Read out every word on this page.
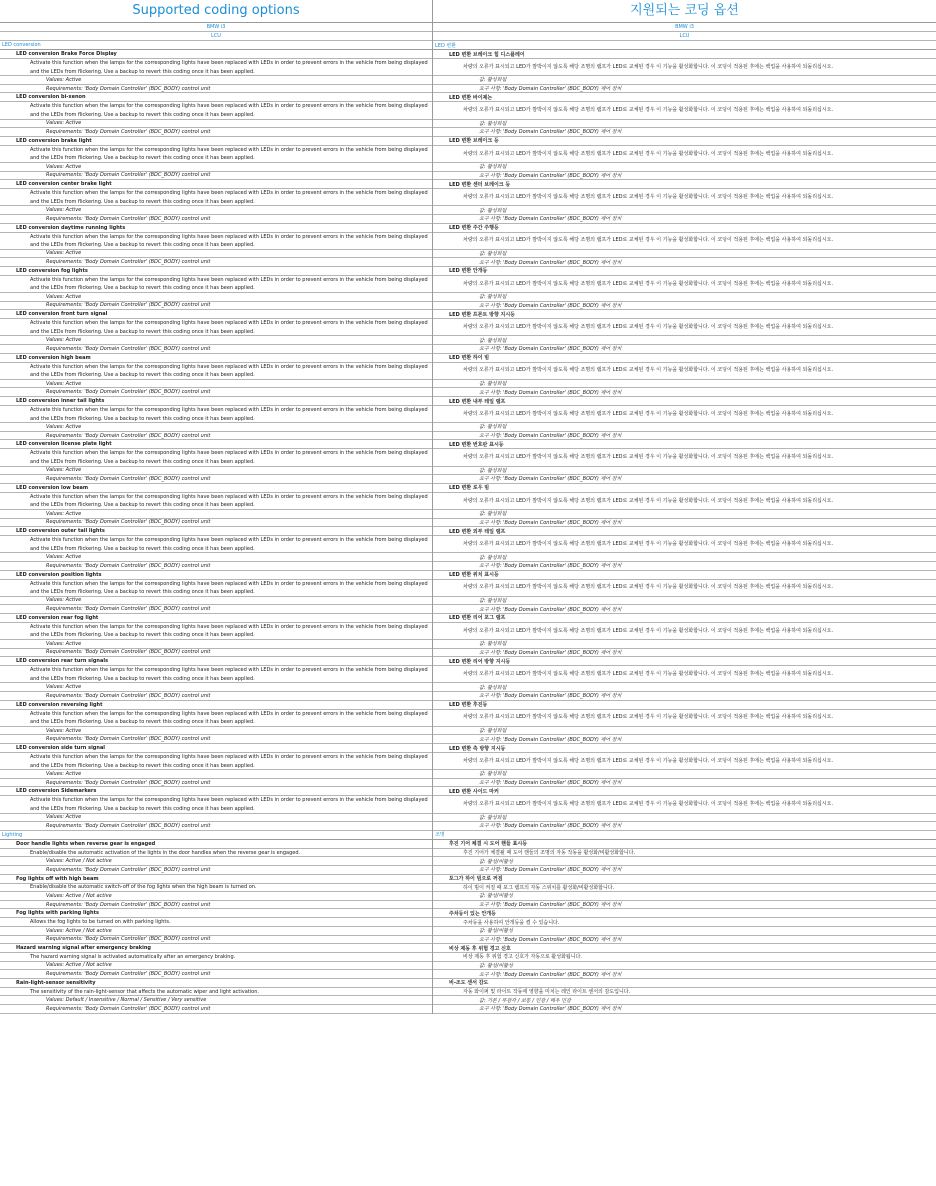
Supported coding options
BMW i3
LCU
LED conversion
LED conversion Brake Force Display
Activate this function when the lamps for the corresponding lights have been replaced with LEDs in order to prevent errors in the vehicle from being displayed and the LEDs from flickering. Use a backup to revert this coding once it has been applied.
Values: Active
Requirements: 'Body Domain Controller' (BDC_BODY) control unit
LED conversion bi-xenon
Activate this function when the lamps for the corresponding lights have been replaced with LEDs in order to prevent errors in the vehicle from being displayed and the LEDs from flickering. Use a backup to revert this coding once it has been applied.
Values: Active
Requirements: 'Body Domain Controller' (BDC_BODY) control unit
LED conversion brake light
Activate this function when the lamps for the corresponding lights have been replaced with LEDs in order to prevent errors in the vehicle from being displayed and the LEDs from flickering. Use a backup to revert this coding once it has been applied.
Values: Active
Requirements: 'Body Domain Controller' (BDC_BODY) control unit
LED conversion center brake light
Activate this function when the lamps for the corresponding lights have been replaced with LEDs in order to prevent errors in the vehicle from being displayed and the LEDs from flickering. Use a backup to revert this coding once it has been applied.
Values: Active
Requirements: 'Body Domain Controller' (BDC_BODY) control unit
LED conversion daytime running lights
Activate this function when the lamps for the corresponding lights have been replaced with LEDs in order to prevent errors in the vehicle from being displayed and the LEDs from flickering. Use a backup to revert this coding once it has been applied.
Values: Active
Requirements: 'Body Domain Controller' (BDC_BODY) control unit
LED conversion fog lights
Activate this function when the lamps for the corresponding lights have been replaced with LEDs in order to prevent errors in the vehicle from being displayed and the LEDs from flickering. Use a backup to revert this coding once it has been applied.
Values: Active
Requirements: 'Body Domain Controller' (BDC_BODY) control unit
LED conversion front turn signal
Activate this function when the lamps for the corresponding lights have been replaced with LEDs in order to prevent errors in the vehicle from being displayed and the LEDs from flickering. Use a backup to revert this coding once it has been applied.
Values: Active
Requirements: 'Body Domain Controller' (BDC_BODY) control unit
LED conversion high beam
Activate this function when the lamps for the corresponding lights have been replaced with LEDs in order to prevent errors in the vehicle from being displayed and the LEDs from flickering. Use a backup to revert this coding once it has been applied.
Values: Active
Requirements: 'Body Domain Controller' (BDC_BODY) control unit
LED conversion inner tail lights
Activate this function when the lamps for the corresponding lights have been replaced with LEDs in order to prevent errors in the vehicle from being displayed and the LEDs from flickering. Use a backup to revert this coding once it has been applied.
Values: Active
Requirements: 'Body Domain Controller' (BDC_BODY) control unit
LED conversion license plate light
Activate this function when the lamps for the corresponding lights have been replaced with LEDs in order to prevent errors in the vehicle from being displayed and the LEDs from flickering. Use a backup to revert this coding once it has been applied.
Values: Active
Requirements: 'Body Domain Controller' (BDC_BODY) control unit
LED conversion low beam
Activate this function when the lamps for the corresponding lights have been replaced with LEDs in order to prevent errors in the vehicle from being displayed and the LEDs from flickering. Use a backup to revert this coding once it has been applied.
Values: Active
Requirements: 'Body Domain Controller' (BDC_BODY) control unit
LED conversion outer tail lights
Activate this function when the lamps for the corresponding lights have been replaced with LEDs in order to prevent errors in the vehicle from being displayed and the LEDs from flickering. Use a backup to revert this coding once it has been applied.
Values: Active
Requirements: 'Body Domain Controller' (BDC_BODY) control unit
LED conversion position lights
Activate this function when the lamps for the corresponding lights have been replaced with LEDs in order to prevent errors in the vehicle from being displayed and the LEDs from flickering. Use a backup to revert this coding once it has been applied.
Values: Active
Requirements: 'Body Domain Controller' (BDC_BODY) control unit
LED conversion rear fog light
Activate this function when the lamps for the corresponding lights have been replaced with LEDs in order to prevent errors in the vehicle from being displayed and the LEDs from flickering. Use a backup to revert this coding once it has been applied.
Values: Active
Requirements: 'Body Domain Controller' (BDC_BODY) control unit
LED conversion rear turn signals
Activate this function when the lamps for the corresponding lights have been replaced with LEDs in order to prevent errors in the vehicle from being displayed and the LEDs from flickering. Use a backup to revert this coding once it has been applied.
Values: Active
Requirements: 'Body Domain Controller' (BDC_BODY) control unit
LED conversion reversing light
Activate this function when the lamps for the corresponding lights have been replaced with LEDs in order to prevent errors in the vehicle from being displayed and the LEDs from flickering. Use a backup to revert this coding once it has been applied.
Values: Active
Requirements: 'Body Domain Controller' (BDC_BODY) control unit
LED conversion side turn signal
Activate this function when the lamps for the corresponding lights have been replaced with LEDs in order to prevent errors in the vehicle from being displayed and the LEDs from flickering. Use a backup to revert this coding once it has been applied.
Values: Active
Requirements: 'Body Domain Controller' (BDC_BODY) control unit
LED conversion Sidemarkers
Activate this function when the lamps for the corresponding lights have been replaced with LEDs in order to prevent errors in the vehicle from being displayed and the LEDs from flickering. Use a backup to revert this coding once it has been applied.
Values: Active
Requirements: 'Body Domain Controller' (BDC_BODY) control unit
Lighting
Door handle lights when reverse gear is engaged
Enable/disable the automatic activation of the lights in the door handles when the reverse gear is engaged.
Values: Active / Not active
Requirements: 'Body Domain Controller' (BDC_BODY) control unit
Fog lights off with high beam
Enable/disable the automatic switch-off of the fog lights when the high beam is turned on.
Values: Active / Not active
Requirements: 'Body Domain Controller' (BDC_BODY) control unit
Fog lights with parking lights
Allows the fog lights to be turned on with parking lights.
Values: Active / Not active
Requirements: 'Body Domain Controller' (BDC_BODY) control unit
Hazard warning signal after emergency braking
The hazard warning signal is activated automatically after an emergency braking.
Values: Active / Not active
Requirements: 'Body Domain Controller' (BDC_BODY) control unit
Rain-light-sensor sensitivity
The sensitivity of the rain-light-sensor that affects the automatic wiper and light activation.
Values: Default / Insensitive / Normal / Sensitive / Very sensitive
Requirements: 'Body Domain Controller' (BDC_BODY) control unit
지원되는 코딩 옵션
BMW i3
LCU
LED 변환
LED 변환 브레이크 힘 디스플레이
차량의 오류가 표시되고 LED가 깜박이지 않도록 해당 조명의 램프가 LED로 교체된 경우 이 기능을 활성화합니다. 이 코딩이 적용된 후에는 백업을 사용하여 되돌리십시오.
값: 활성화됨
요구 사항: 'Body Domain Controller' (BDC_BODY) 제어 장치
LED 변환 바이제논
차량의 오류가 표시되고 LED가 깜박이지 않도록 해당 조명의 램프가 LED로 교체된 경우 이 기능을 활성화합니다. 이 코딩이 적용된 후에는 백업을 사용하여 되돌리십시오.
값: 활성화됨
요구 사항: 'Body Domain Controller' (BDC_BODY) 제어 장치
LED 변환 브레이크 등
차량의 오류가 표시되고 LED가 깜박이지 않도록 해당 조명의 램프가 LED로 교체된 경우 이 기능을 활성화합니다. 이 코딩이 적용된 후에는 백업을 사용하여 되돌리십시오.
값: 활성화됨
요구 사항: 'Body Domain Controller' (BDC_BODY) 제어 장치
LED 변환 센터 브레이크 등
차량의 오류가 표시되고 LED가 깜박이지 않도록 해당 조명의 램프가 LED로 교체된 경우 이 기능을 활성화합니다. 이 코딩이 적용된 후에는 백업을 사용하여 되돌리십시오.
값: 활성화됨
요구 사항: 'Body Domain Controller' (BDC_BODY) 제어 장치
LED 변환 주간 주행등
차량의 오류가 표시되고 LED가 깜박이지 않도록 해당 조명의 램프가 LED로 교체된 경우 이 기능을 활성화합니다. 이 코딩이 적용된 후에는 백업을 사용하여 되돌리십시오.
값: 활성화됨
요구 사항: 'Body Domain Controller' (BDC_BODY) 제어 장치
LED 변환 안개등
차량의 오류가 표시되고 LED가 깜박이지 않도록 해당 조명의 램프가 LED로 교체된 경우 이 기능을 활성화합니다. 이 코딩이 적용된 후에는 백업을 사용하여 되돌리십시오.
값: 활성화됨
요구 사항: 'Body Domain Controller' (BDC_BODY) 제어 장치
LED 변환 프론트 방향 지시등
차량의 오류가 표시되고 LED가 깜박이지 않도록 해당 조명의 램프가 LED로 교체된 경우 이 기능을 활성화합니다. 이 코딩이 적용된 후에는 백업을 사용하여 되돌리십시오.
값: 활성화됨
요구 사항: 'Body Domain Controller' (BDC_BODY) 제어 장치
LED 변환 하이 빔
차량의 오류가 표시되고 LED가 깜박이지 않도록 해당 조명의 램프가 LED로 교체된 경우 이 기능을 활성화합니다. 이 코딩이 적용된 후에는 백업을 사용하여 되돌리십시오.
값: 활성화됨
요구 사항: 'Body Domain Controller' (BDC_BODY) 제어 장치
LED 변환 내부 테일 램프
차량의 오류가 표시되고 LED가 깜박이지 않도록 해당 조명의 램프가 LED로 교체된 경우 이 기능을 활성화합니다. 이 코딩이 적용된 후에는 백업을 사용하여 되돌리십시오.
값: 활성화됨
요구 사항: 'Body Domain Controller' (BDC_BODY) 제어 장치
LED 변환 번호판 표시등
차량의 오류가 표시되고 LED가 깜박이지 않도록 해당 조명의 램프가 LED로 교체된 경우 이 기능을 활성화합니다. 이 코딩이 적용된 후에는 백업을 사용하여 되돌리십시오.
값: 활성화됨
요구 사항: 'Body Domain Controller' (BDC_BODY) 제어 장치
LED 변환 로우 빔
차량의 오류가 표시되고 LED가 깜박이지 않도록 해당 조명의 램프가 LED로 교체된 경우 이 기능을 활성화합니다. 이 코딩이 적용된 후에는 백업을 사용하여 되돌리십시오.
값: 활성화됨
요구 사항: 'Body Domain Controller' (BDC_BODY) 제어 장치
LED 변환 외부 테일 램프
차량의 오류가 표시되고 LED가 깜박이지 않도록 해당 조명의 램프가 LED로 교체된 경우 이 기능을 활성화합니다. 이 코딩이 적용된 후에는 백업을 사용하여 되돌리십시오.
값: 활성화됨
요구 사항: 'Body Domain Controller' (BDC_BODY) 제어 장치
LED 변환 위치 표시등
차량의 오류가 표시되고 LED가 깜박이지 않도록 해당 조명의 램프가 LED로 교체된 경우 이 기능을 활성화합니다. 이 코딩이 적용된 후에는 백업을 사용하여 되돌리십시오.
값: 활성화됨
요구 사항: 'Body Domain Controller' (BDC_BODY) 제어 장치
LED 변환 리어 포그 램프
차량의 오류가 표시되고 LED가 깜박이지 않도록 해당 조명의 램프가 LED로 교체된 경우 이 기능을 활성화합니다. 이 코딩이 적용된 후에는 백업을 사용하여 되돌리십시오.
값: 활성화됨
요구 사항: 'Body Domain Controller' (BDC_BODY) 제어 장치
LED 변환 리어 방향 지시등
차량의 오류가 표시되고 LED가 깜박이지 않도록 해당 조명의 램프가 LED로 교체된 경우 이 기능을 활성화합니다. 이 코딩이 적용된 후에는 백업을 사용하여 되돌리십시오.
값: 활성화됨
요구 사항: 'Body Domain Controller' (BDC_BODY) 제어 장치
LED 변환 후진등
차량의 오류가 표시되고 LED가 깜박이지 않도록 해당 조명의 램프가 LED로 교체된 경우 이 기능을 활성화합니다. 이 코딩이 적용된 후에는 백업을 사용하여 되돌리십시오.
값: 활성화됨
요구 사항: 'Body Domain Controller' (BDC_BODY) 제어 장치
LED 변환 측 방향 지시등
차량의 오류가 표시되고 LED가 깜박이지 않도록 해당 조명의 램프가 LED로 교체된 경우 이 기능을 활성화합니다. 이 코딩이 적용된 후에는 백업을 사용하여 되돌리십시오.
값: 활성화됨
요구 사항: 'Body Domain Controller' (BDC_BODY) 제어 장치
LED 변환 사이드 마커
차량의 오류가 표시되고 LED가 깜박이지 않도록 해당 조명의 램프가 LED로 교체된 경우 이 기능을 활성화합니다. 이 코딩이 적용된 후에는 백업을 사용하여 되돌리십시오.
값: 활성화됨
요구 사항: 'Body Domain Controller' (BDC_BODY) 제어 장치
조명
후진 기어 체결 시 도어 핸들 표시등
후진 기어가 체결될 때 도어 핸들의 조명의 자동 작동을 활성화/비활성화합니다.
값: 활성/비활성
요구 사항: 'Body Domain Controller' (BDC_BODY) 제어 장치
포그가 하이 빔으로 꺼짐
하이 빔이 켜질 때 포그 램프의 자동 스위치를 활성화/비활성화합니다.
값: 활성/비활성
요구 사항: 'Body Domain Controller' (BDC_BODY) 제어 장치
주차등이 있는 안개등
주차등을 사용하여 안개등을 켤 수 있습니다.
값: 활성/비활성
요구 사항: 'Body Domain Controller' (BDC_BODY) 제어 장치
비상 제동 후 위험 경고 신호
비상 제동 후 위험 경고 신호가 자동으로 활성화됩니다.
값: 활성/비활성
요구 사항: 'Body Domain Controller' (BDC_BODY) 제어 장치
비-조도 센서 감도
자동 와이퍼 및 라이트 작동에 영향을 미치는 레인 라이트 센서의 감도입니다.
값: 기본 / 무감각 / 보통 / 민감 / 매우 민감
요구 사항: 'Body Domain Controller' (BDC_BODY) 제어 장치
